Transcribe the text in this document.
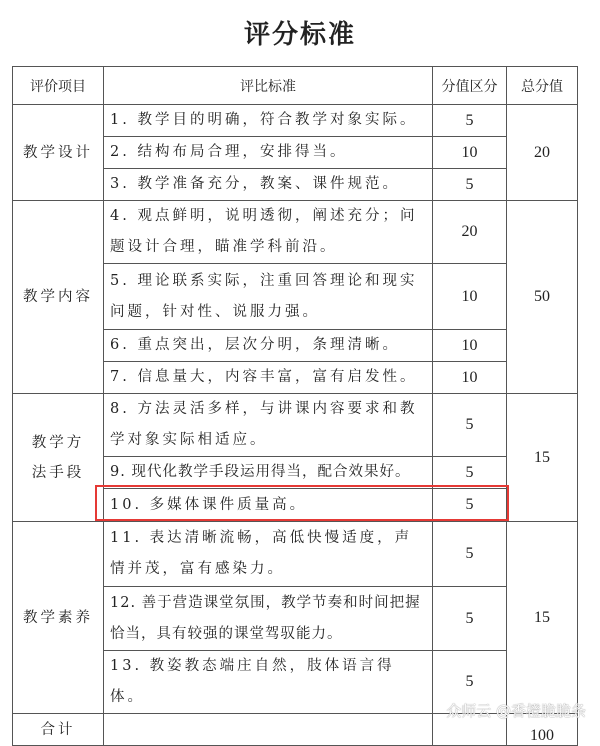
评分标准
评价项目	评比标准	分值区分	总分值
教学设计	1. 教学目的明确，符合教学对象实际。	5	20
	2. 结构布局合理，安排得当。	10	
	3. 教学准备充分，教案、课件规范。	5	
教学内容	4. 观点鲜明，说明透彻，阐述充分；问题设计合理，瞄准学科前沿。	20	50
	5. 理论联系实际，注重回答理论和现实问题，针对性、说服力强。	10	
	6. 重点突出，层次分明，条理清晰。	10	
	7. 信息量大，内容丰富，富有启发性。	10	
教学方法手段	8. 方法灵活多样，与讲课内容要求和教学对象实际相适应。	5	15
	9. 现代化教学手段运用得当，配合效果好。	5	
	10. 多媒体课件质量高。	5	
教学素养	11. 表达清晰流畅，高低快慢适度，声情并茂，富有感染力。	5	15
	12. 善于营造课堂氛围，教学节奏和时间把握恰当，具有较强的课堂驾驭能力。	5	
	13. 教姿教态端庄自然，肢体语言得体。	5	
合计			100
众师云 @香橙脆脆条
